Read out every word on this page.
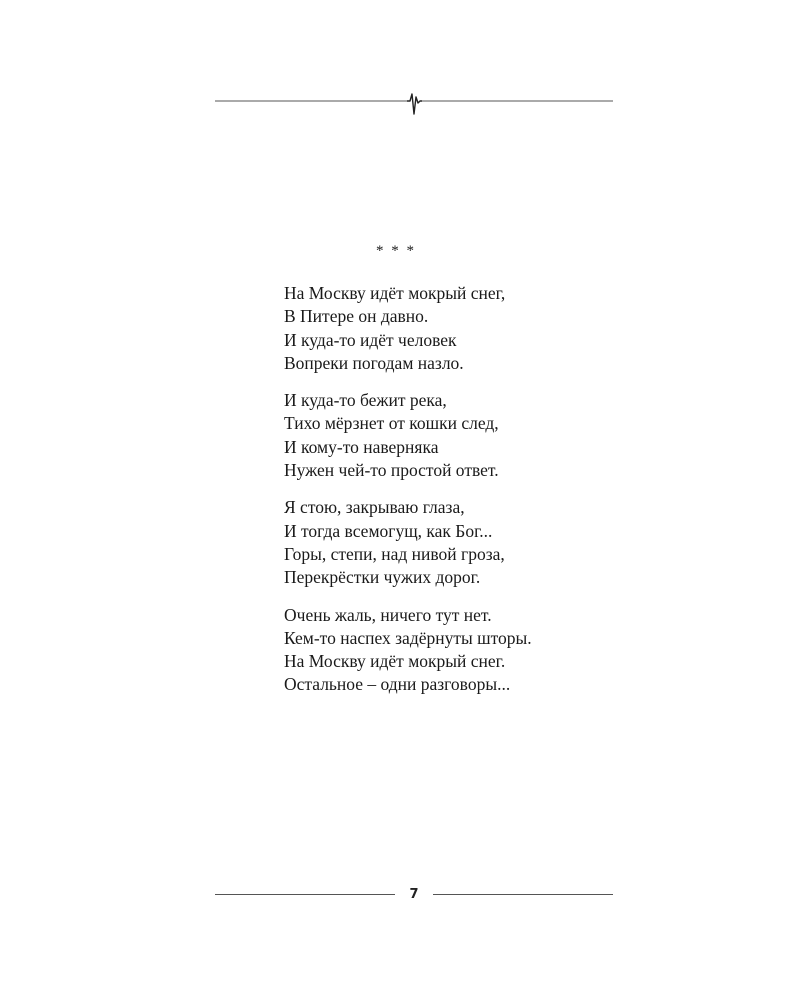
* * *

На Москву идёт мокрый снег,
В Питере он давно.
И куда-то идёт человек
Вопреки погодам назло.

И куда-то бежит река,
Тихо мёрзнет от кошки след,
И кому-то наверняка
Нужен чей-то простой ответ.

Я стою, закрываю глаза,
И тогда всемогущ, как Бог...
Горы, степи, над нивой гроза,
Перекрёстки чужих дорог.

Очень жаль, ничего тут нет.
Кем-то наспех задёрнуты шторы.
На Москву идёт мокрый снег.
Остальное – одни разговоры...

7
